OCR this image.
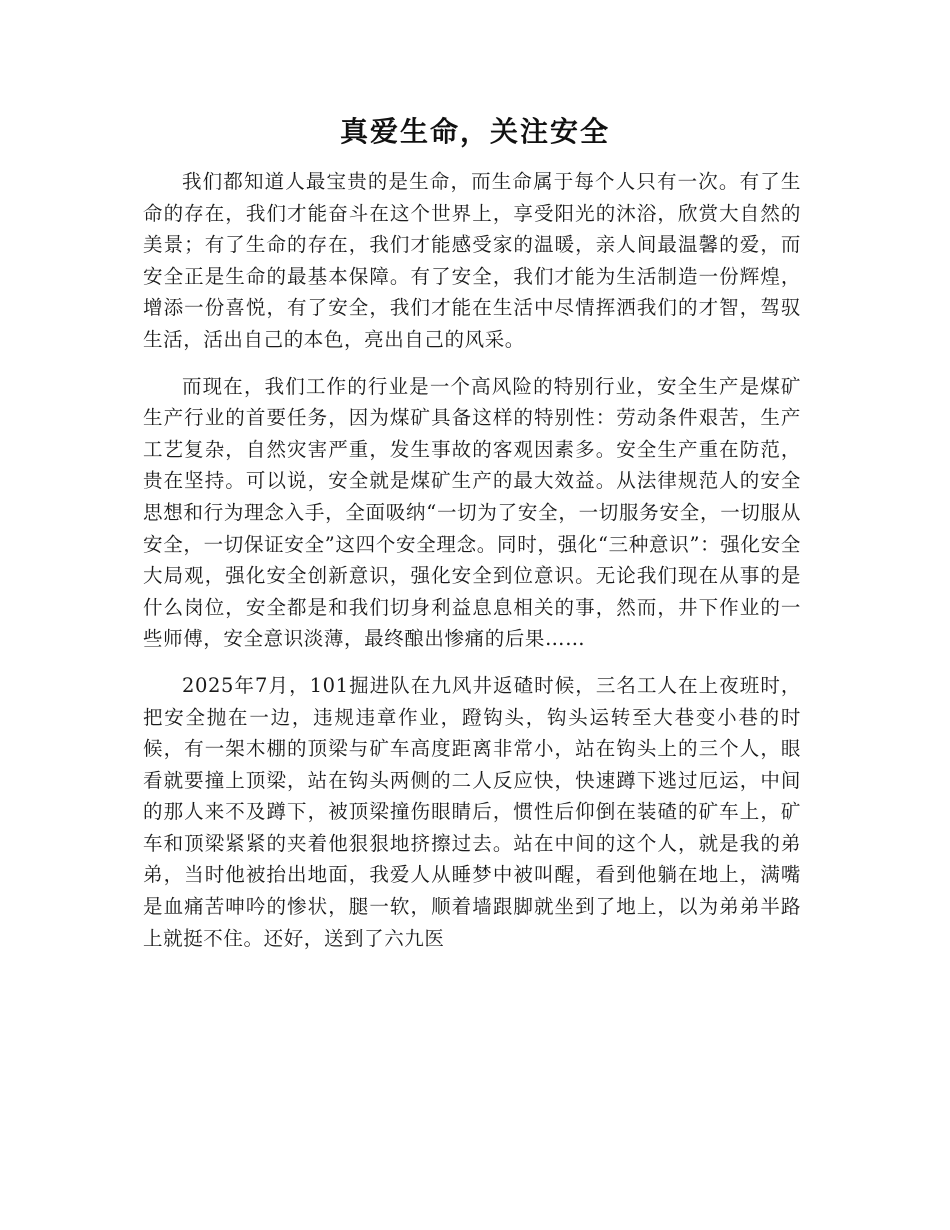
真爱生命，关注安全

我们都知道人最宝贵的是生命，而生命属于每个人只有一次。有了生命的存在，我们才能奋斗在这个世界上，享受阳光的沐浴，欣赏大自然的美景；有了生命的存在，我们才能感受家的温暖，亲人间最温馨的爱，而安全正是生命的最基本保障。有了安全，我们才能为生活制造一份辉煌，增添一份喜悦，有了安全，我们才能在生活中尽情挥洒我们的才智，驾驭生活，活出自己的本色，亮出自己的风采。

而现在，我们工作的行业是一个高风险的特别行业，安全生产是煤矿生产行业的首要任务，因为煤矿具备这样的特别性：劳动条件艰苦，生产工艺复杂，自然灾害严重，发生事故的客观因素多。安全生产重在防范，贵在坚持。可以说，安全就是煤矿生产的最大效益。从法律规范人的安全思想和行为理念入手，全面吸纳“一切为了安全，一切服务安全，一切服从安全，一切保证安全”这四个安全理念。同时，强化“三种意识”：强化安全大局观，强化安全创新意识，强化安全到位意识。无论我们现在从事的是什么岗位，安全都是和我们切身利益息息相关的事，然而，井下作业的一些师傅，安全意识淡薄，最终酿出惨痛的后果……

2025年7月，101掘进队在九风井返碴时候，三名工人在上夜班时，把安全抛在一边，违规违章作业，蹬钩头，钩头运转至大巷变小巷的时候，有一架木棚的顶梁与矿车高度距离非常小，站在钩头上的三个人，眼看就要撞上顶梁，站在钩头两侧的二人反应快，快速蹲下逃过厄运，中间的那人来不及蹲下，被顶梁撞伤眼睛后，惯性后仰倒在装碴的矿车上，矿车和顶梁紧紧的夹着他狠狠地挤擦过去。站在中间的这个人，就是我的弟弟，当时他被抬出地面，我爱人从睡梦中被叫醒，看到他躺在地上，满嘴是血痛苦呻吟的惨状，腿一软，顺着墙跟脚就坐到了地上，以为弟弟半路上就挺不住。还好，送到了六九医
